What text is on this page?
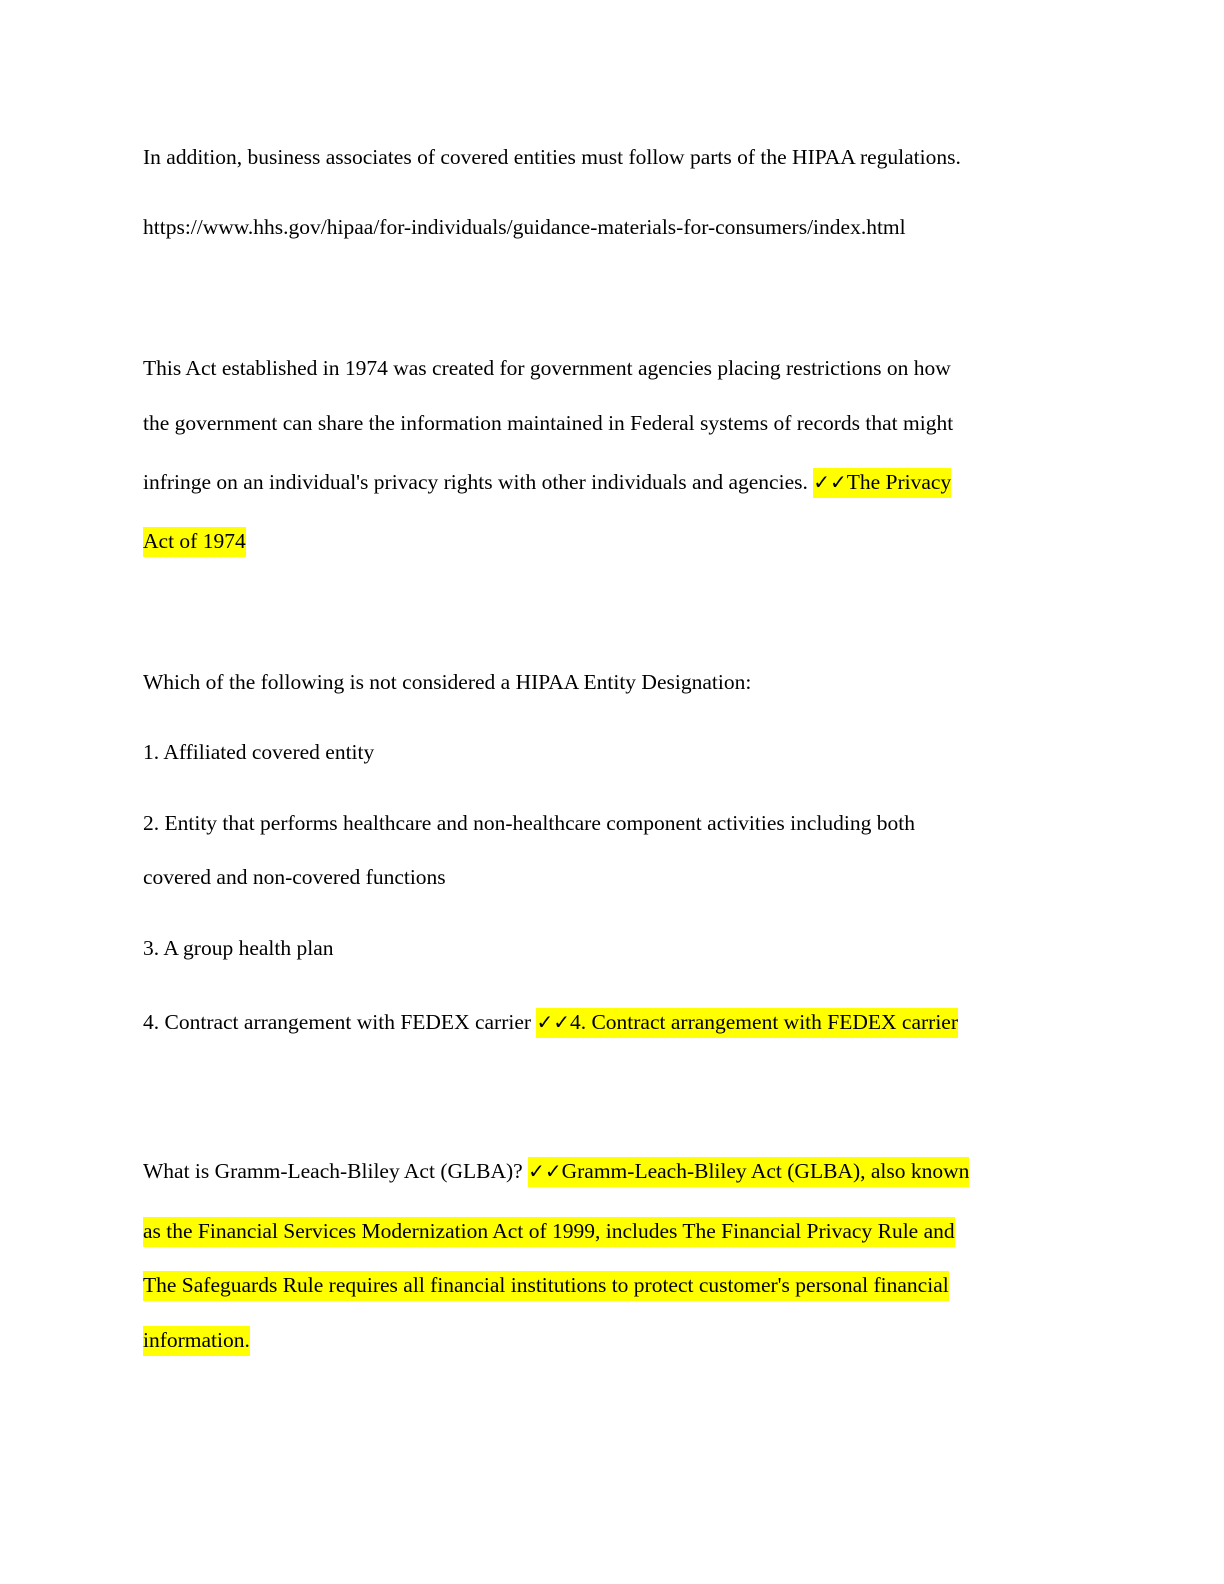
In addition, business associates of covered entities must follow parts of the HIPAA regulations.
https://www.hhs.gov/hipaa/for-individuals/guidance-materials-for-consumers/index.html
This Act established in 1974 was created for government agencies placing restrictions on how
the government can share the information maintained in Federal systems of records that might
infringe on an individual's privacy rights with other individuals and agencies. ✓✓The Privacy
Act of 1974
Which of the following is not considered a HIPAA Entity Designation:
1. Affiliated covered entity
2. Entity that performs healthcare and non-healthcare component activities including both
covered and non-covered functions
3. A group health plan
4. Contract arrangement with FEDEX carrier ✓✓4. Contract arrangement with FEDEX carrier
What is Gramm-Leach-Bliley Act (GLBA)? ✓✓Gramm-Leach-Bliley Act (GLBA), also known
as the Financial Services Modernization Act of 1999, includes The Financial Privacy Rule and
The Safeguards Rule requires all financial institutions to protect customer's personal financial
information.
